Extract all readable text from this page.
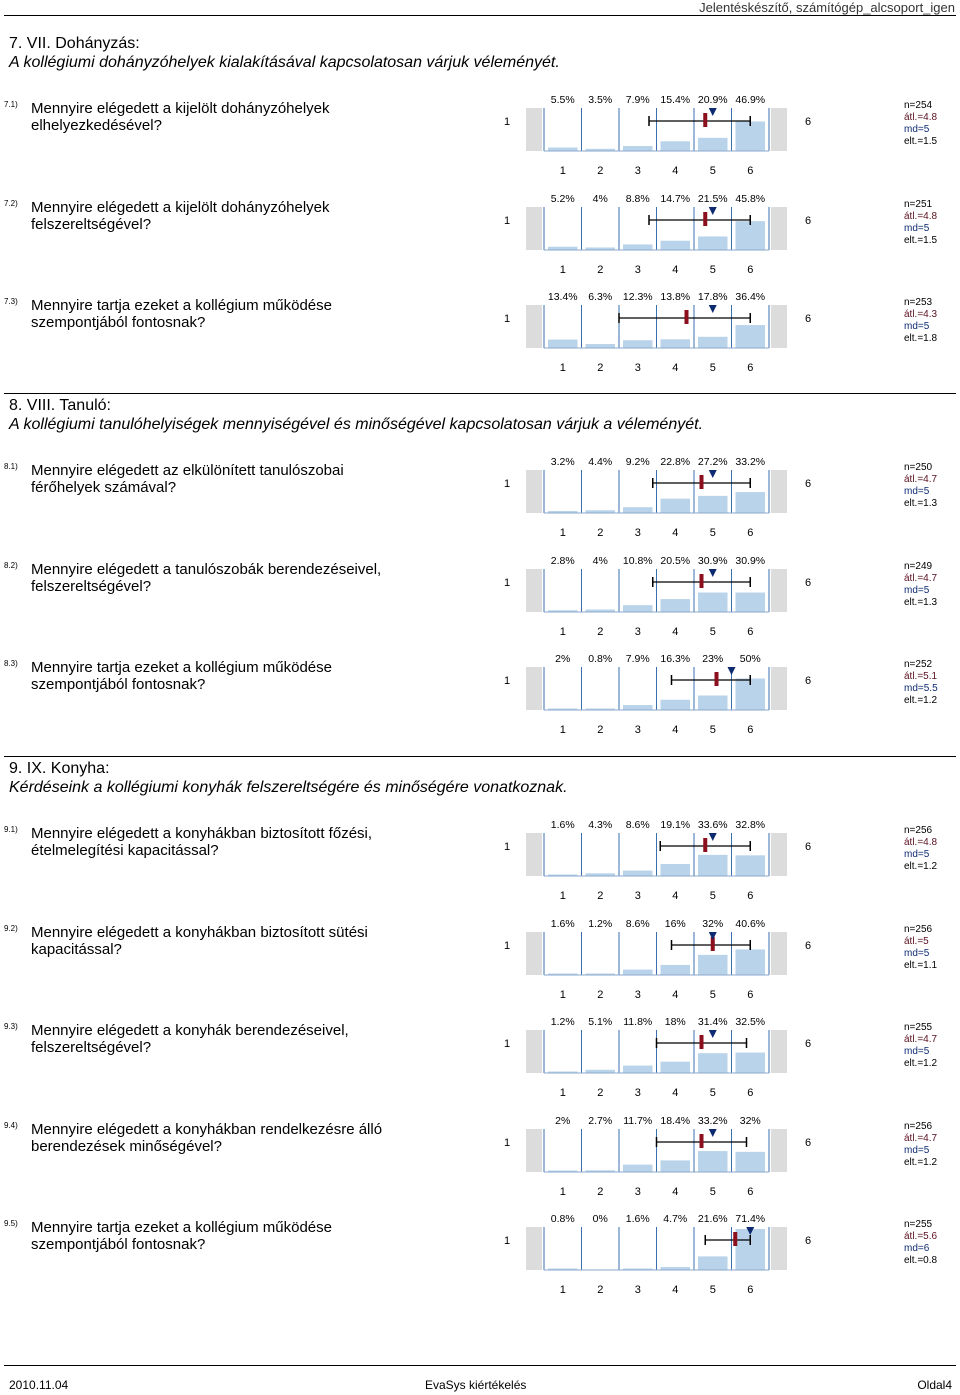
Jelentéskészítő, számítógép_alcsoport_igen
7. VII. Dohányzás:
A kollégiumi dohányzóhelyek kialakításával kapcsolatosan várjuk véleményét.
7.1) Mennyire elégedett a kijelölt dohányzóhelyek elhelyezkedésével?	1	6
5.5% 3.5% 7.9% 15.4% 20.9% 46.9%
1	2	3	4	5	6
n=254
átl.=4.8
md=5
elt.=1.5
7.2) Mennyire elégedett a kijelölt dohányzóhelyek felszereltségével?	1	6
5.2% 4% 8.8% 14.7% 21.5% 45.8%
1	2	3	4	5	6
n=251
átl.=4.8
md=5
elt.=1.5
7.3) Mennyire tartja ezeket a kollégium működése szempontjából fontosnak?	1	6
13.4% 6.3% 12.3% 13.8% 17.8% 36.4%
1	2	3	4	5	6
n=253
átl.=4.3
md=5
elt.=1.8
8. VIII. Tanuló:
A kollégiumi tanulóhelyiségek mennyiségével és minőségével kapcsolatosan várjuk a véleményét.
8.1) Mennyire elégedett az elkülönített tanulószobai férőhelyek számával?	1	6
3.2% 4.4% 9.2% 22.8% 27.2% 33.2%
1	2	3	4	5	6
n=250
átl.=4.7
md=5
elt.=1.3
8.2) Mennyire elégedett a tanulószobák berendezéseivel, felszereltségével?	1	6
2.8% 4% 10.8% 20.5% 30.9% 30.9%
1	2	3	4	5	6
n=249
átl.=4.7
md=5
elt.=1.3
8.3) Mennyire tartja ezeket a kollégium működése szempontjából fontosnak?	1	6
2% 0.8% 7.9% 16.3% 23% 50%
1	2	3	4	5	6
n=252
átl.=5.1
md=5.5
elt.=1.2
9. IX. Konyha:
Kérdéseink a kollégiumi konyhák felszereltségére és minőségére vonatkoznak.
9.1) Mennyire elégedett a konyhákban biztosított főzési, ételmelegítési kapacitással?	1	6
1.6% 4.3% 8.6% 19.1% 33.6% 32.8%
1	2	3	4	5	6
n=256
átl.=4.8
md=5
elt.=1.2
9.2) Mennyire elégedett a konyhákban biztosított sütési kapacitással?	1	6
1.6% 1.2% 8.6% 16% 32% 40.6%
1	2	3	4	5	6
n=256
átl.=5
md=5
elt.=1.1
9.3) Mennyire elégedett a konyhák berendezéseivel, felszereltségével?	1	6
1.2% 5.1% 11.8% 18% 31.4% 32.5%
1	2	3	4	5	6
n=255
átl.=4.7
md=5
elt.=1.2
9.4) Mennyire elégedett a konyhákban rendelkezésre álló berendezések minőségével?	1	6
2% 2.7% 11.7% 18.4% 33.2% 32%
1	2	3	4	5	6
n=256
átl.=4.7
md=5
elt.=1.2
9.5) Mennyire tartja ezeket a kollégium működése szempontjából fontosnak?	1	6
0.8% 0% 1.6% 4.7% 21.6% 71.4%
1	2	3	4	5	6
n=255
átl.=5.6
md=6
elt.=0.8
2010.11.04	EvaSys kiértékelés	Oldal4
